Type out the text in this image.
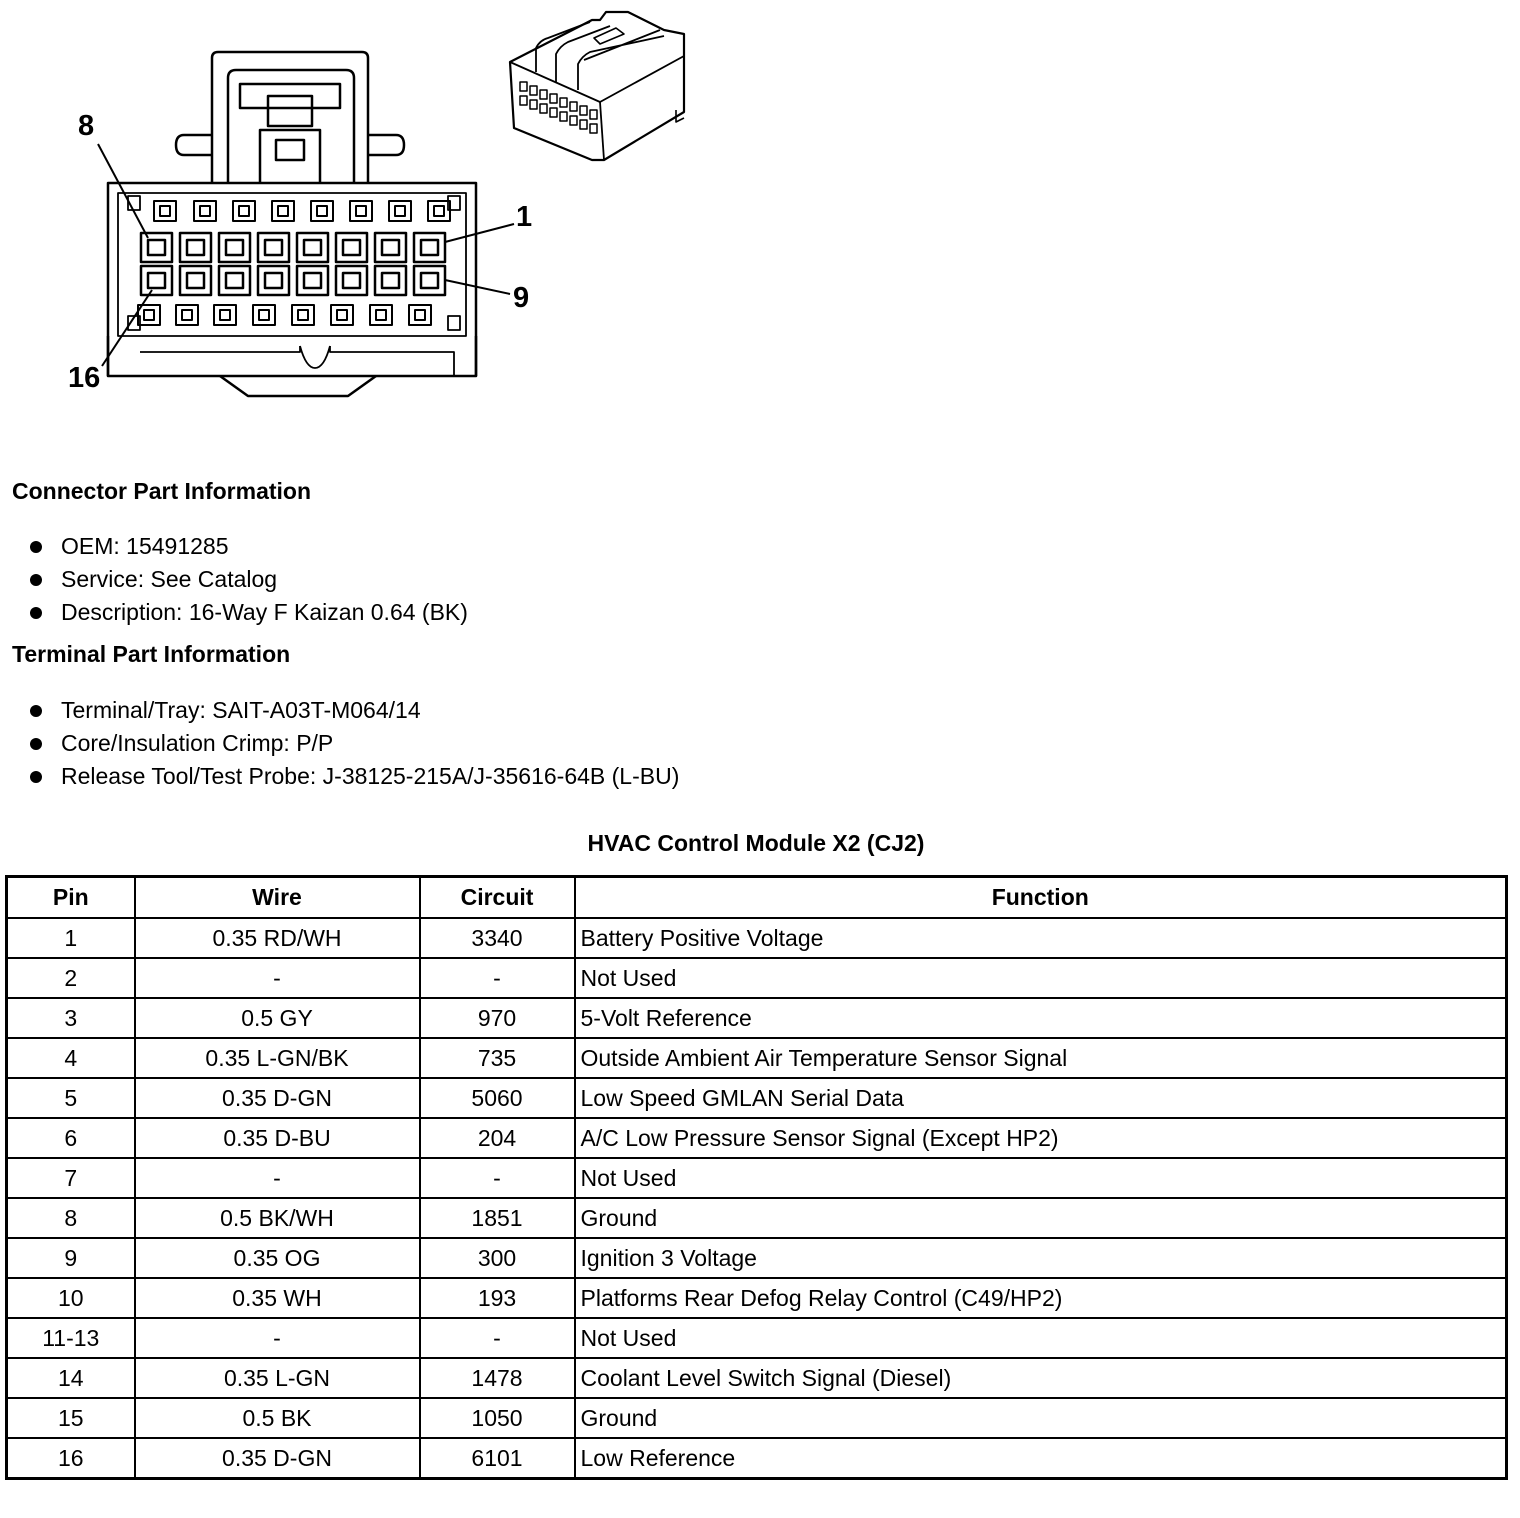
8
1
9
16
Connector Part Information
OEM: 15491285
Service: See Catalog
Description: 16-Way F Kaizan 0.64 (BK)
Terminal Part Information
Terminal/Tray: SAIT-A03T-M064/14
Core/Insulation Crimp: P/P
Release Tool/Test Probe: J-38125-215A/J-35616-64B (L-BU)
HVAC Control Module X2 (CJ2)
Pin	Wire	Circuit	Function
1	0.35 RD/WH	3340	Battery Positive Voltage
2	-	-	Not Used
3	0.5 GY	970	5-Volt Reference
4	0.35 L-GN/BK	735	Outside Ambient Air Temperature Sensor Signal
5	0.35 D-GN	5060	Low Speed GMLAN Serial Data
6	0.35 D-BU	204	A/C Low Pressure Sensor Signal (Except HP2)
7	-	-	Not Used
8	0.5 BK/WH	1851	Ground
9	0.35 OG	300	Ignition 3 Voltage
10	0.35 WH	193	Platforms Rear Defog Relay Control (C49/HP2)
11-13	-	-	Not Used
14	0.35 L-GN	1478	Coolant Level Switch Signal (Diesel)
15	0.5 BK	1050	Ground
16	0.35 D-GN	6101	Low Reference
